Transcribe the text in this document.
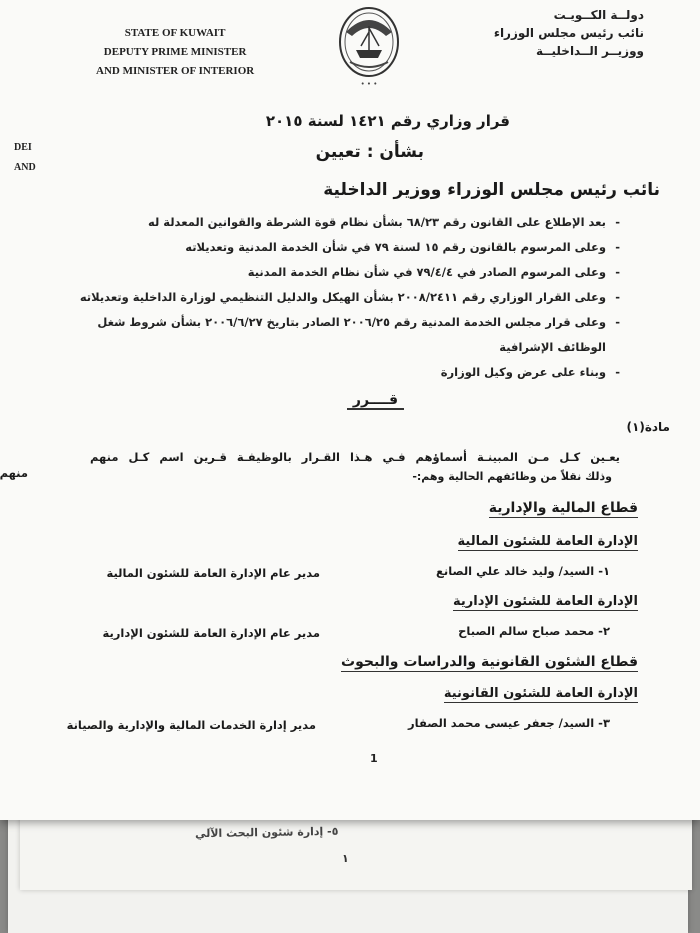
٥- إدارة شئون البحث الآلي
١
STATE OF KUWAIT
DEPUTY PRIME MINISTER
AND MINISTER OF INTERIOR
• • •
دولــة الكــويـت
نائب رئيس مجلس الوزراء
ووزيــر الــداخليــة
DEI
AND
قرار وزاري رقم ١٤٢١ لسنة ٢٠١٥
بشأن : تعيين
نائب رئيس مجلس الوزراء ووزير الداخلية
- بعد الإطلاع على القانون رقم ٦٨/٢٣ بشأن نظام قوة الشرطة والقوانين المعدلة له
- وعلى المرسوم بالقانون رقم ١٥ لسنة ٧٩ في شأن الخدمة المدنية وتعديلاته
- وعلى المرسوم الصادر في ٧٩/٤/٤ في شأن نظام الخدمة المدنية
- وعلى القرار الوزاري رقم ٢٠٠٨/٢٤١١ بشأن الهيكل والدليل التنظيمي لوزارة الداخلية وتعديلاته
- وعلى قرار مجلس الخدمة المدنية رقم ٢٠٠٦/٢٥ الصادر بتاريخ ٢٠٠٦/٦/٢٧ بشأن شروط شغل الوظائف الإشرافية
- وبناء على عرض وكيل الوزارة
قــــرر
مادة(١)
يعـين كـل مـن المبينـة أسماؤهم فـي هـذا القـرار بالوظيفـة قـرين اسم كـل منهم
منهم	وذلك نقلاً من وظائفهم الحالية وهم:-
قطاع المالية والإدارية
الإدارة العامة للشئون المالية
١- السيد/ وليد خالد علي الصانع
مدير عام الإدارة العامة للشئون المالية
الإدارة العامة للشئون الإدارية
٢- محمد صباح سالم الصباح
مدير عام الإدارة العامة للشئون الإدارية
قطاع الشئون القانونية والدراسات والبحوث
الإدارة العامة للشئون القانونية
٣- السيد/ جعفر عيسى محمد الصفار
مدير إدارة الخدمات المالية والإدارية والصيانة
1
